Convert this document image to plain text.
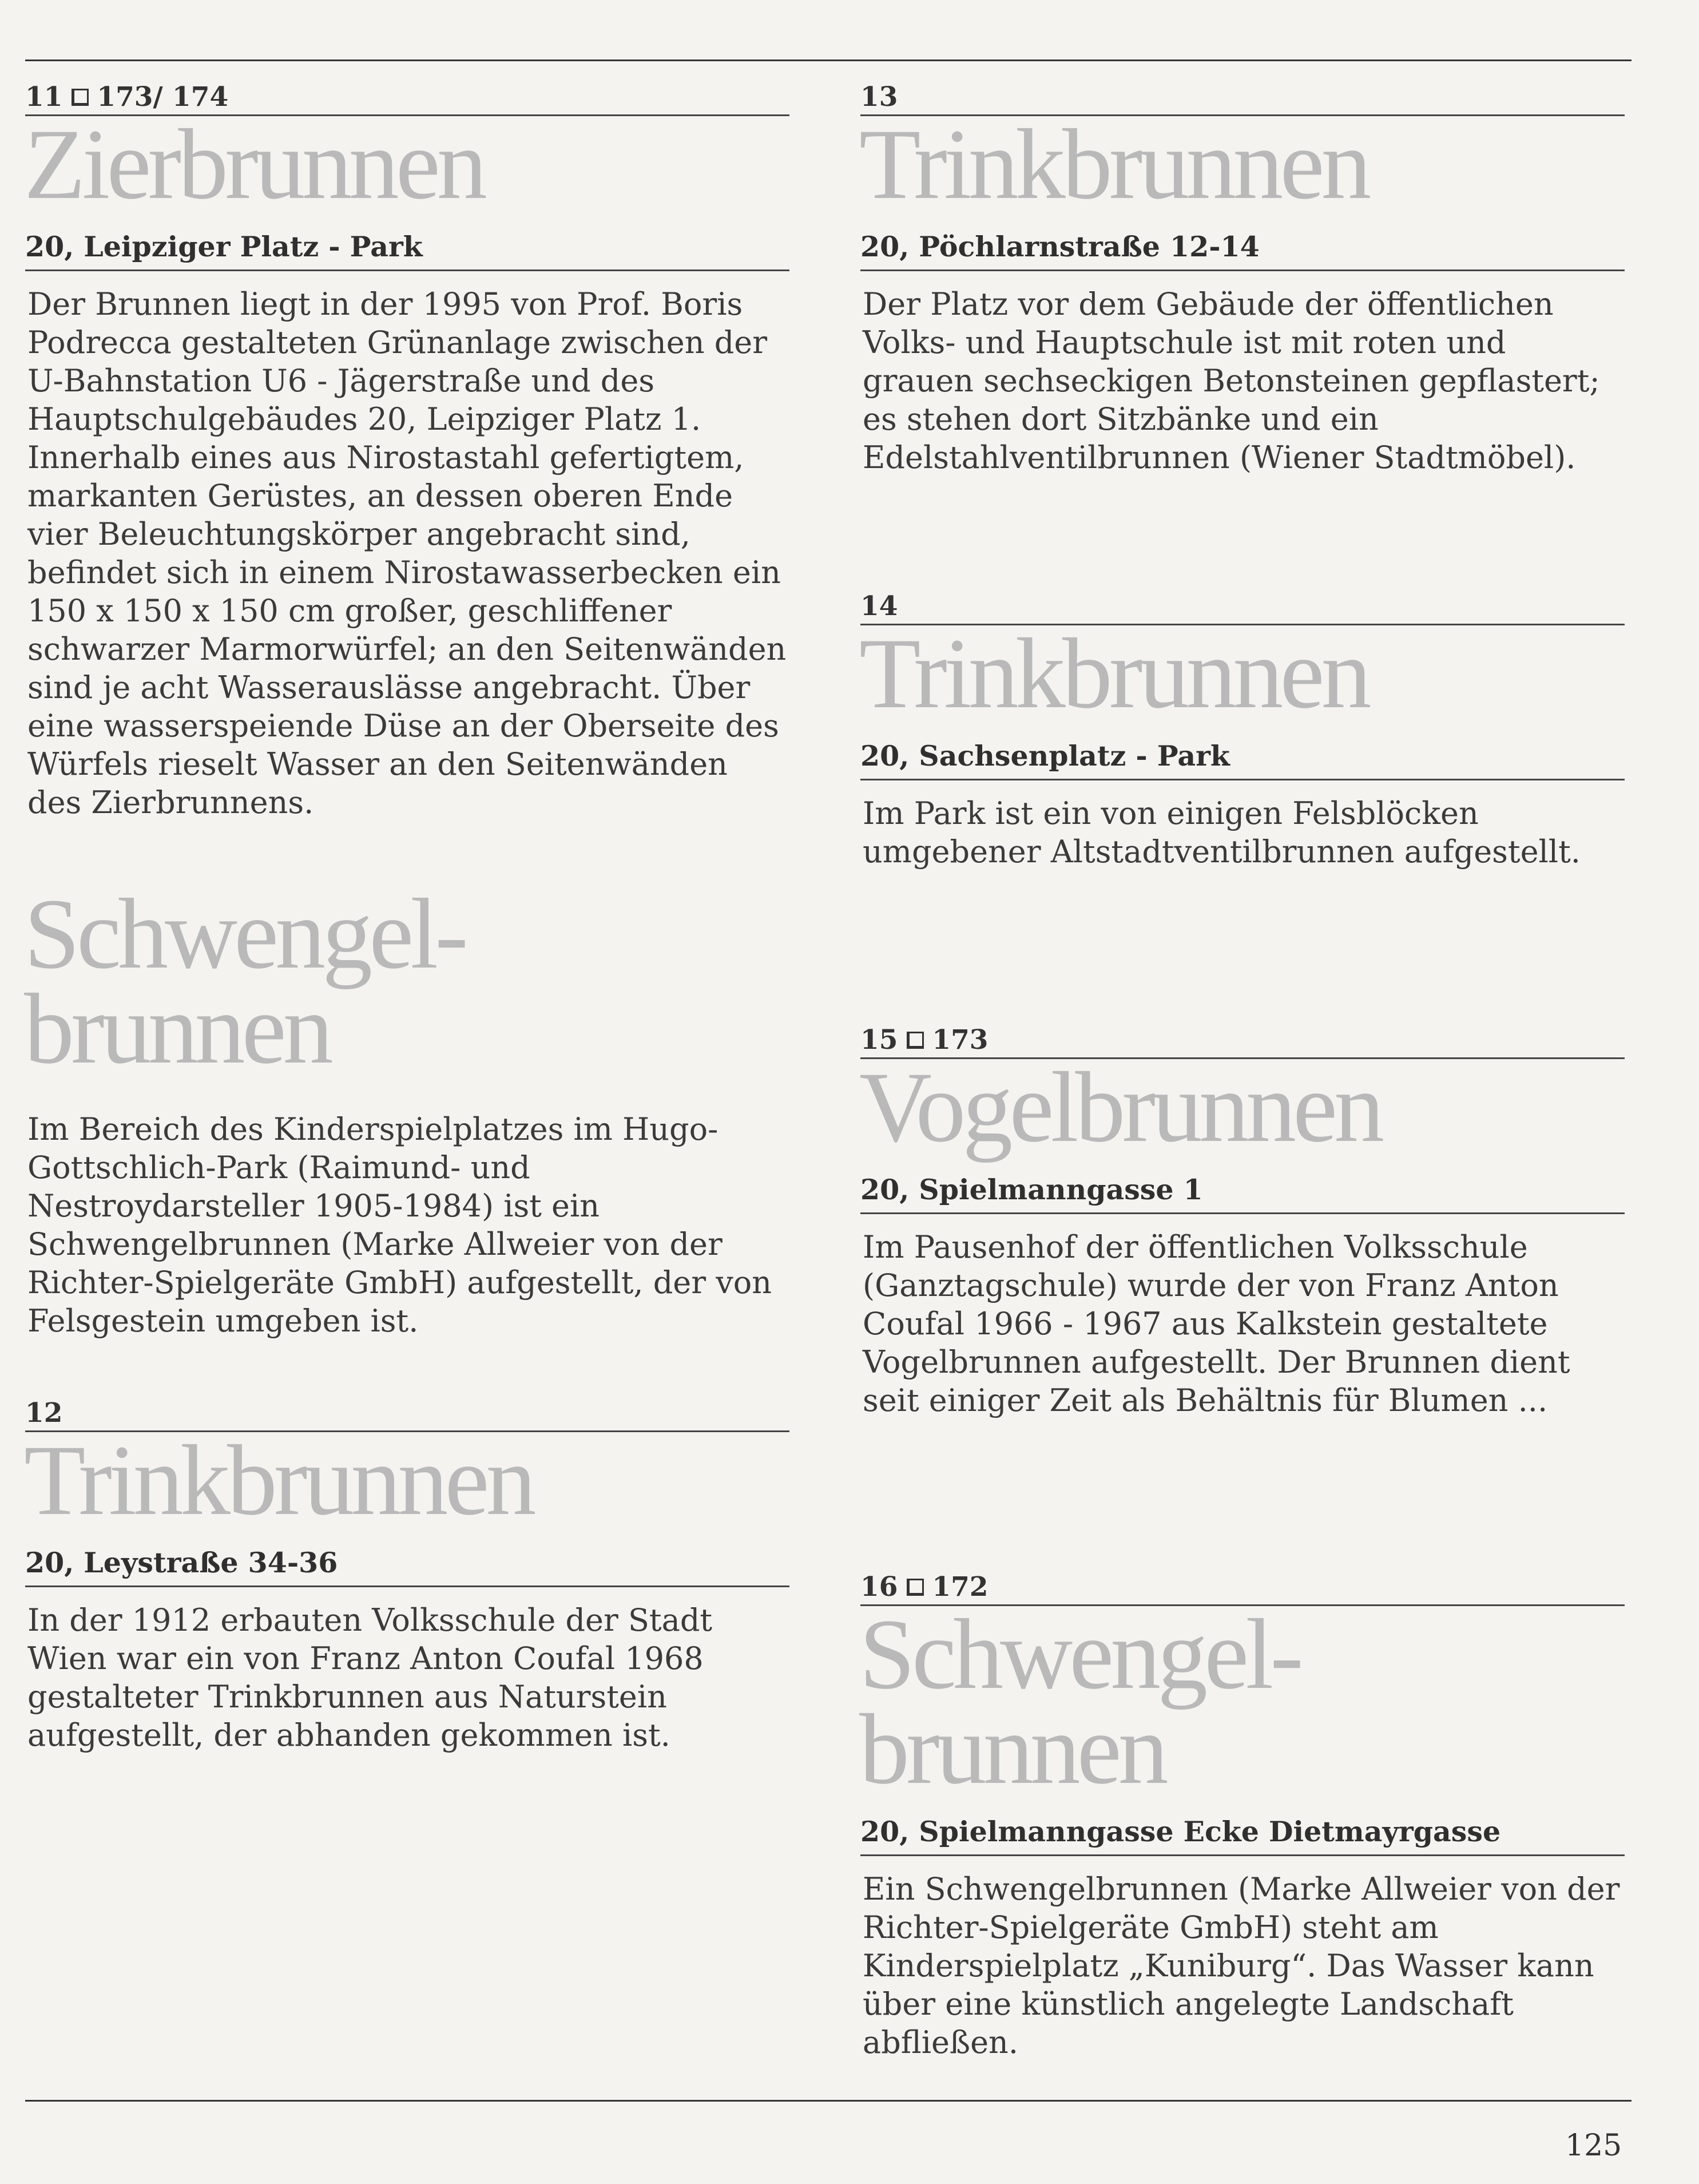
11 173/ 174
Zierbrunnen
20, Leipziger Platz - Park
Der Brunnen liegt in der 1995 von Prof. Boris Podrecca gestalteten Grünanlage zwischen der U-Bahnstation U6 - Jägerstraße und des Hauptschulgebäudes 20, Leipziger Platz 1. Innerhalb eines aus Nirostastahl gefertigtem, markanten Gerüstes, an dessen oberen Ende vier Beleuchtungskörper angebracht sind, befindet sich in einem Nirostawasserbecken ein 150 x 150 x 150 cm großer, geschliffener schwarzer Marmorwürfel; an den Seitenwänden sind je acht Wasserauslässe angebracht. Über eine wasserspeiende Düse an der Oberseite des Würfels rieselt Wasser an den Seitenwänden des Zierbrunnens.
Schwengel-
brunnen
Im Bereich des Kinderspielplatzes im Hugo-Gottschlich-Park (Raimund- und Nestroydarsteller 1905-1984) ist ein Schwengelbrunnen (Marke Allweier von der Richter-Spielgeräte GmbH) aufgestellt, der von Felsgestein umgeben ist.
12
Trinkbrunnen
20, Leystraße 34-36
In der 1912 erbauten Volksschule der Stadt Wien war ein von Franz Anton Coufal 1968 gestalteter Trinkbrunnen aus Naturstein aufgestellt, der abhanden gekommen ist.
13
Trinkbrunnen
20, Pöchlarnstraße 12-14
Der Platz vor dem Gebäude der öffentlichen Volks- und Hauptschule ist mit roten und grauen sechseckigen Betonsteinen gepflastert; es stehen dort Sitzbänke und ein Edelstahlventilbrunnen (Wiener Stadtmöbel).
14
Trinkbrunnen
20, Sachsenplatz - Park
Im Park ist ein von einigen Felsblöcken umgebener Altstadtventilbrunnen aufgestellt.
15 173
Vogelbrunnen
20, Spielmanngasse 1
Im Pausenhof der öffentlichen Volksschule (Ganztagschule) wurde der von Franz Anton Coufal 1966 - 1967 aus Kalkstein gestaltete Vogelbrunnen aufgestellt. Der Brunnen dient seit einiger Zeit als Behältnis für Blumen ...
16 172
Schwengel-
brunnen
20, Spielmanngasse Ecke Dietmayrgasse
Ein Schwengelbrunnen (Marke Allweier von der Richter-Spielgeräte GmbH) steht am Kinderspielplatz „Kuniburg“. Das Wasser kann über eine künstlich angelegte Landschaft abfließen.
125
